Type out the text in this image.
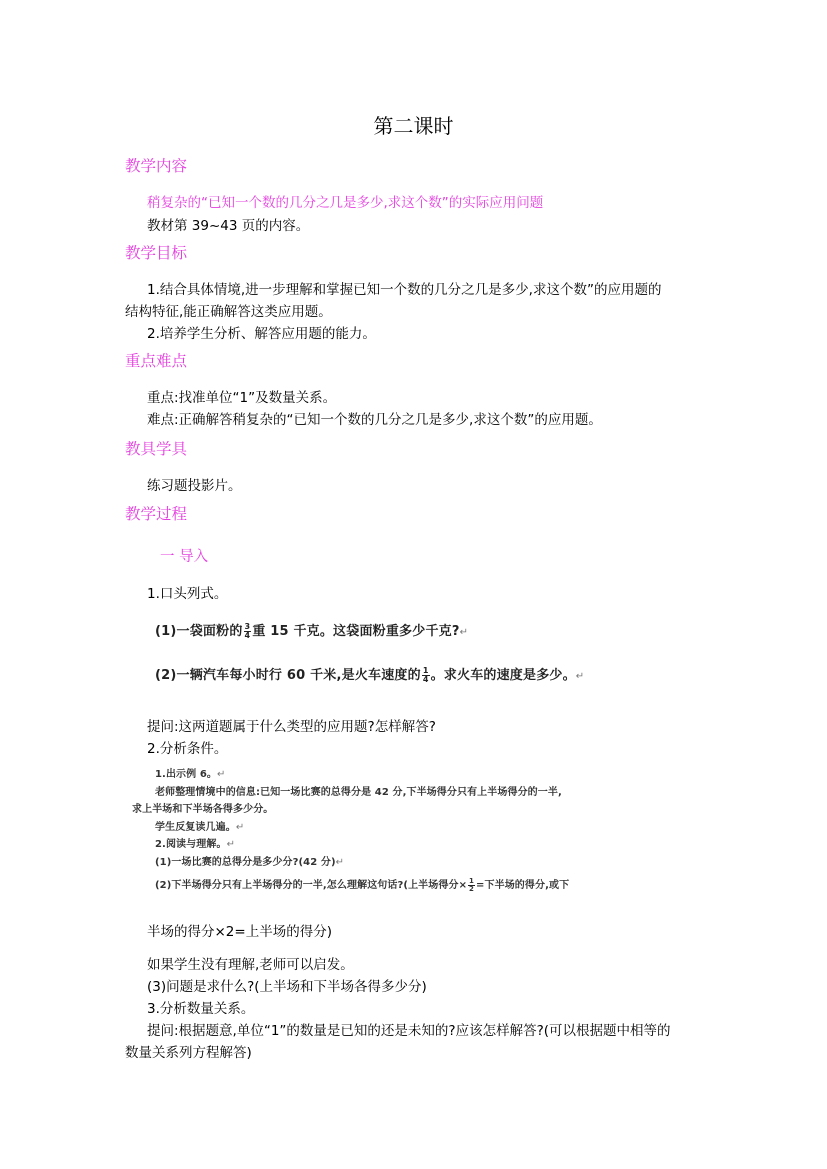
第二课时
教学内容
稍复杂的“已知一个数的几分之几是多少,求这个数”的实际应用问题
教材第 39~43 页的内容。
教学目标
1.结合具体情境,进一步理解和掌握已知一个数的几分之几是多少,求这个数”的应用题的
结构特征,能正确解答这类应用题。
2.培养学生分析、解答应用题的能力。
重点难点
重点:找准单位“1”及数量关系。
难点:正确解答稍复杂的“已知一个数的几分之几是多少,求这个数”的应用题。
教具学具
练习题投影片。
教学过程
一 导入
1.口头列式。
(1)一袋面粉的 $\frac{3}{4}$ 重 15 千克。这袋面粉重多少千克?↵
(2)一辆汽车每小时行 60 千米,是火车速度的 $\frac{1}{4}$ 。求火车的速度是多少。↵
提问:这两道题属于什么类型的应用题?怎样解答?
2.分析条件。
1.出示例 6。↵
老师整理情境中的信息:已知一场比赛的总得分是 42 分,下半场得分只有上半场得分的一半,
求上半场和下半场各得多少分。
学生反复读几遍。↵
2.阅读与理解。↵
(1)一场比赛的总得分是多少分?(42 分)↵
(2)下半场得分只有上半场得分的一半,怎么理解这句话?(上半场得分× $\frac{1}{2}$ =下半场的得分,或下
半场的得分×2=上半场的得分)
如果学生没有理解,老师可以启发。
(3)问题是求什么?(上半场和下半场各得多少分)
3.分析数量关系。
提问:根据题意,单位“1”的数量是已知的还是未知的?应该怎样解答?(可以根据题中相等的
数量关系列方程解答)
